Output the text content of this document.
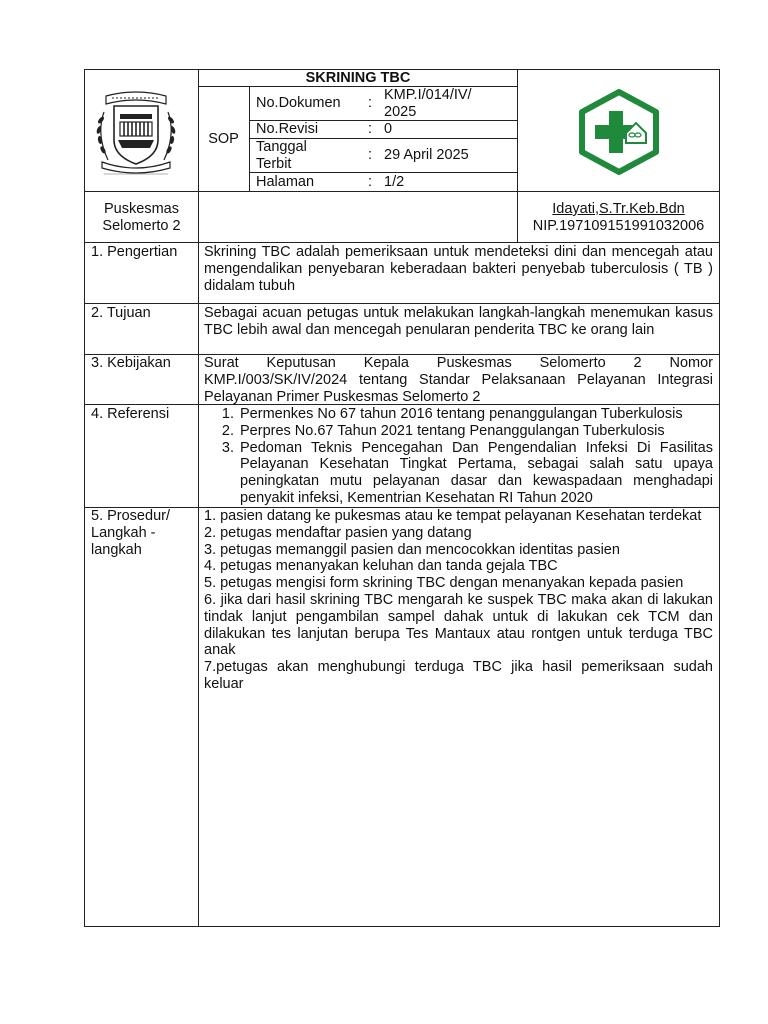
SKRINING TBC
SOP
No.Dokumen : KMP.I/014/IV/ 2025
No.Revisi	: 0
Tanggal Terbit
: 29 April 2025
Halaman	: 1/2
Puskesmas
Selomerto 2
Idayati,S.Tr.Keb.Bdn
NIP.197109151991032006
1. Pengertian Skrining TBC adalah pemeriksaan untuk mendeteksi dini dan mencegah atau mengendalikan penyebaran keberadaan bakteri penyebab tuberculosis ( TB ) didalam tubuh

2. Tujuan	Sebagai acuan petugas untuk melakukan langkah-langkah menemukan kasus TBC lebih awal dan mencegah penularan penderita TBC ke orang lain

3. Kebijakan Surat Keputusan Kepala Puskesmas Selomerto 2 Nomor KMP.I/003/SK/IV/2024 tentang Standar Pelaksanaan Pelayanan Integrasi Pelayanan Primer Puskesmas Selomerto 2

4. Referensi
1.	Permenkes No 67 tahun 2016 tentang penanggulangan Tuberkulosis
2. Perpres No.67 Tahun 2021 tentang Penanggulangan Tuberkulosis
3. Pedoman Teknis Pencegahan Dan Pengendalian Infeksi Di Fasilitas Pelayanan Kesehatan Tingkat Pertama, sebagai salah satu upaya peningkatan mutu pelayanan dasar dan kewaspadaan menghadapi penyakit infeksi, Kementrian Kesehatan RI Tahun 2020
5. Prosedur/
Langkah -
langkah

1. pasien datang ke pukesmas atau ke tempat pelayanan Kesehatan terdekat

2. petugas mendaftar pasien yang datang

3. petugas memanggil pasien dan mencocokkan identitas pasien

4. petugas menanyakan keluhan dan tanda gejala TBC

5. petugas mengisi form skrining TBC dengan menanyakan kepada pasien

6. jika dari hasil skrining TBC mengarah ke suspek TBC maka akan di lakukan tindak lanjut pengambilan sampel dahak untuk di lakukan cek TCM dan dilakukan tes lanjutan berupa Tes Mantaux atau rontgen untuk terduga TBC anak

7.petugas akan menghubungi terduga TBC jika hasil pemeriksaan sudah keluar
